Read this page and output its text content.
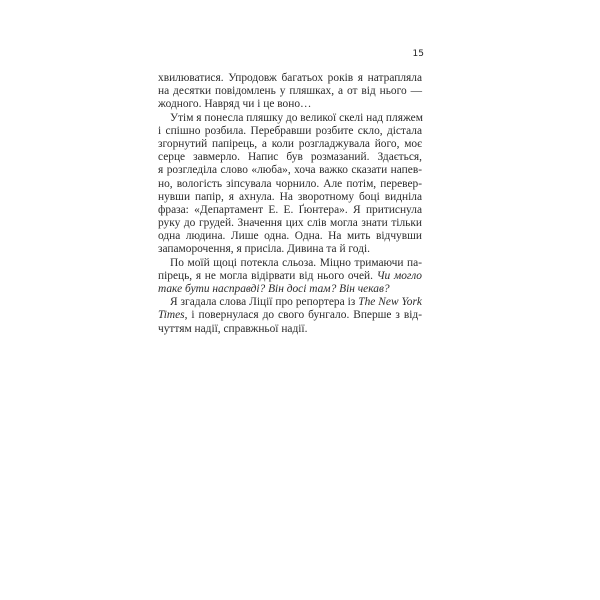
15
хвилюватися. Упродовж багатьох років я натрапляла
на десятки повідомлень у пляшках, а от від нього —
жодного. Навряд чи і це воно…
Утім я понесла пляшку до великої скелі над пляжем
і спішно розбила. Перебравши розбите скло, дістала
згорнутий папірець, а коли розгладжувала його, моє
серце завмерло. Напис був розмазаний. Здається,
я розгледіла слово «люба», хоча важко сказати напев-
но, вологість зіпсувала чорнило. Але потім, перевер-
нувши папір, я ахнула. На зворотному боці видніла
фраза: «Департамент Е. Е. Ґюнтера». Я притиснула
руку до грудей. Значення цих слів могла знати тільки
одна людина. Лише одна. Одна. На мить відчувши
запаморочення, я присіла. Дивина та й годі.
По моїй щоці потекла сльоза. Міцно тримаючи па-
пірець, я не могла відірвати від нього очей. Чи могло
таке бути насправді? Він досі там? Він чекав?
Я згадала слова Ліції про репортера із The New York
Times, і повернулася до свого бунгало. Вперше з від-
чуттям надії, справжньої надії.
